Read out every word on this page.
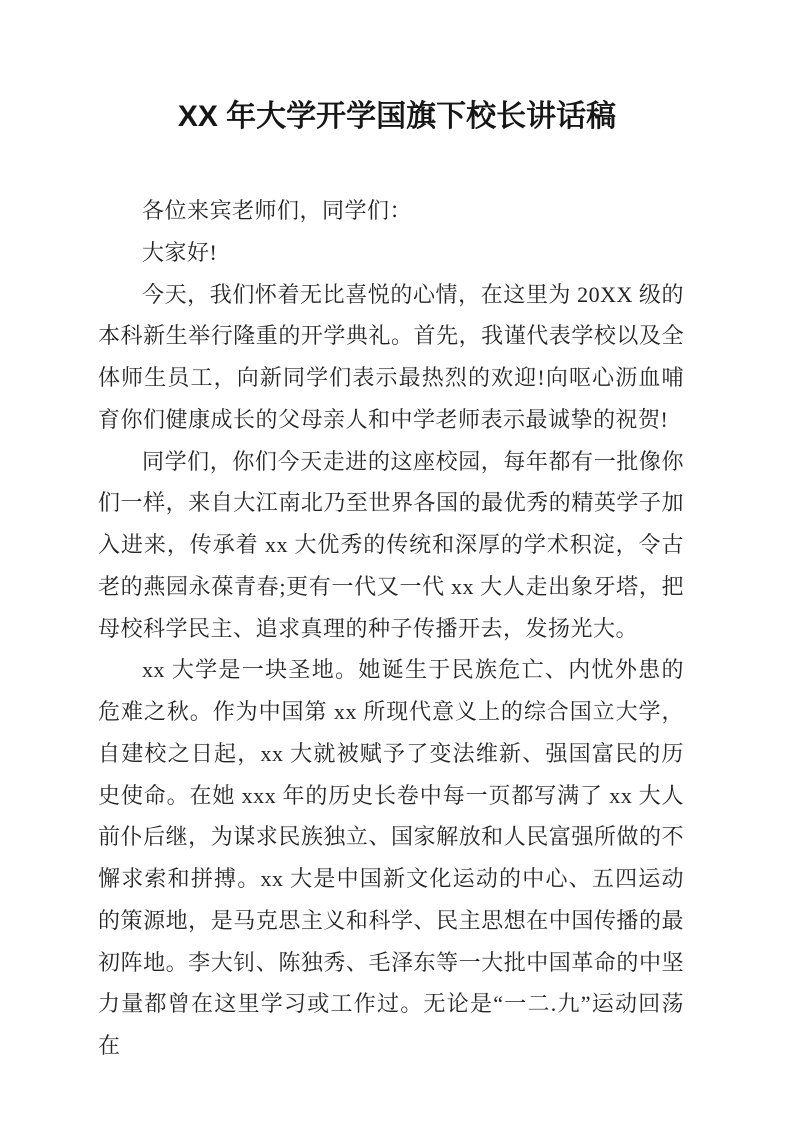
XX 年大学开学国旗下校长讲话稿

各位来宾老师们，同学们：

大家好!

今天，我们怀着无比喜悦的心情，在这里为 20XX 级的本科新生举行隆重的开学典礼。首先，我谨代表学校以及全体师生员工，向新同学们表示最热烈的欢迎!向呕心沥血哺育你们健康成长的父母亲人和中学老师表示最诚挚的祝贺!

同学们，你们今天走进的这座校园，每年都有一批像你们一样，来自大江南北乃至世界各国的最优秀的精英学子加入进来，传承着 xx 大优秀的传统和深厚的学术积淀，令古老的燕园永葆青春;更有一代又一代 xx 大人走出象牙塔，把母校科学民主、追求真理的种子传播开去，发扬光大。

xx 大学是一块圣地。她诞生于民族危亡、内忧外患的危难之秋。作为中国第 xx 所现代意义上的综合国立大学，自建校之日起，xx 大就被赋予了变法维新、强国富民的历史使命。在她 xxx 年的历史长卷中每一页都写满了 xx 大人前仆后继，为谋求民族独立、国家解放和人民富强所做的不懈求索和拼搏。xx 大是中国新文化运动的中心、五四运动的策源地，是马克思主义和科学、民主思想在中国传播的最初阵地。李大钊、陈独秀、毛泽东等一大批中国革命的中坚力量都曾在这里学习或工作过。无论是“一二.九”运动回荡在
